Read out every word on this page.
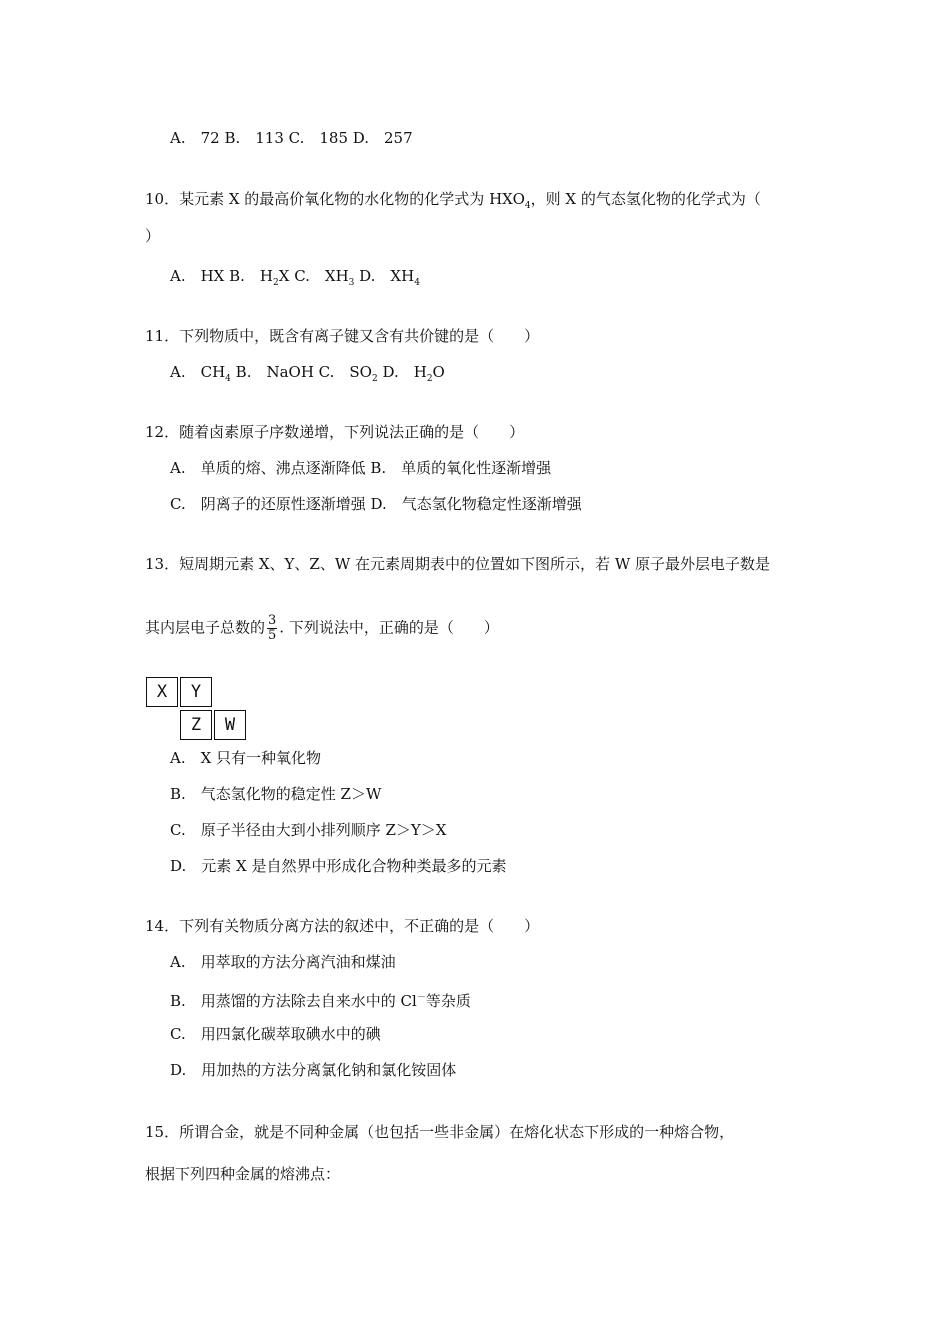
A.　72 B.　113 C.　185 D.　257
10．某元素 X 的最高价氧化物的水化物的化学式为 $HXO_4$，则 X 的气态氢化物的化学式为（
）
A.　HX B.　$H_2X$ C.　$XH_3$ D.　$XH_4$
11．下列物质中，既含有离子键又含有共价键的是（　　）
A.　$CH_4$ B.　NaOH C.　$SO_2$ D.　$H_2O$
12．随着卤素原子序数递增，下列说法正确的是（　　）
A.　单质的熔、沸点逐渐降低 B.　单质的氧化性逐渐增强
C.　阴离子的还原性逐渐增强 D.　气态氢化物稳定性逐渐增强
13．短周期元素 X、Y、Z、W 在元素周期表中的位置如下图所示，若 W 原子最外层电子数是
其内层电子总数的 $\frac{3}{5}$ . 下列说法中，正确的是（　　）
X	Y
Z	W
A.　X 只有一种氧化物
B.　气态氢化物的稳定性 Z＞W
C.　原子半径由大到小排列顺序 Z＞Y＞X
D.　元素 X 是自然界中形成化合物种类最多的元素
14．下列有关物质分离方法的叙述中，不正确的是（　　）
A.　用萃取的方法分离汽油和煤油
B.　用蒸馏的方法除去自来水中的 Cl－等杂质
C.　用四氯化碳萃取碘水中的碘
D.　用加热的方法分离氯化钠和氯化铵固体
15．所谓合金，就是不同种金属（也包括一些非金属）在熔化状态下形成的一种熔合物，
根据下列四种金属的熔沸点：
